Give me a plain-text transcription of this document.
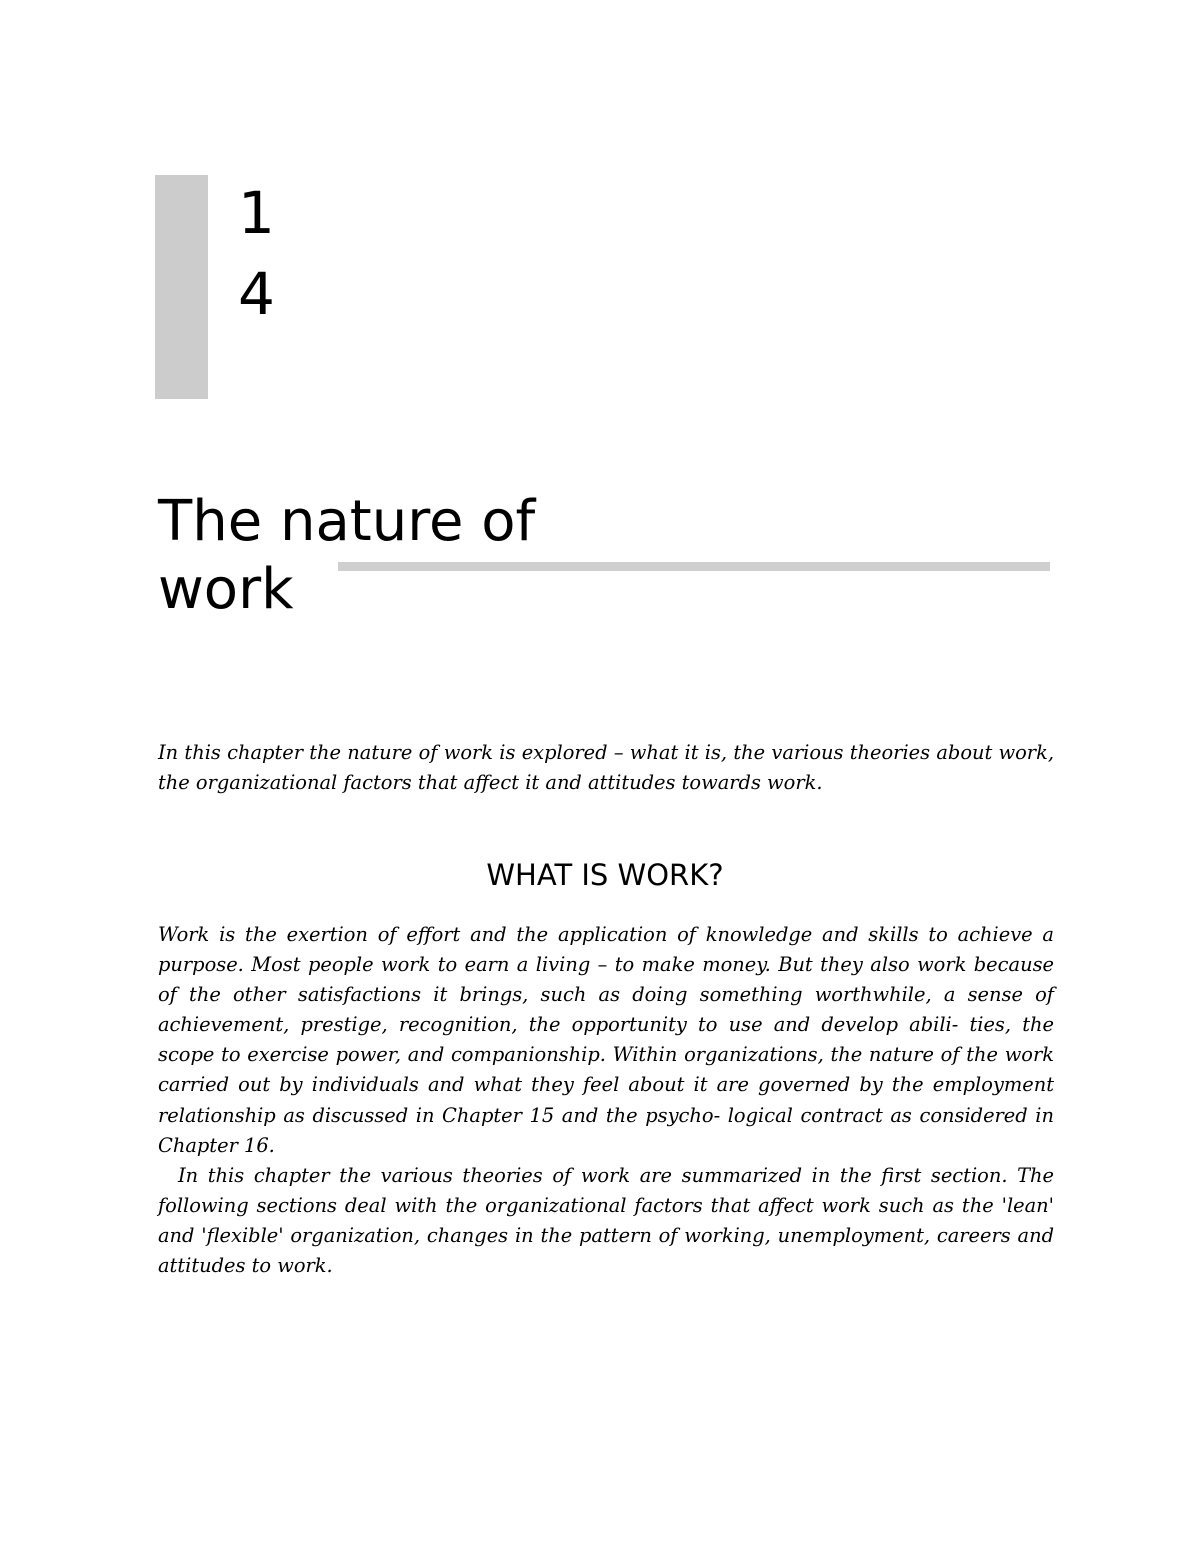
1
4
The nature of work

In this chapter the nature of work is explored – what it is, the various theories about work, the organizational factors that affect it and attitudes towards work.

WHAT IS WORK?

Work is the exertion of effort and the application of knowledge and skills to achieve a purpose. Most people work to earn a living – to make money. But they also work because of the other satisfactions it brings, such as doing something worthwhile, a sense of achievement, prestige, recognition, the opportunity to use and develop abili- ties, the scope to exercise power, and companionship. Within organizations, the nature of the work carried out by individuals and what they feel about it are governed by the employment relationship as discussed in Chapter 15 and the psycho- logical contract as considered in Chapter 16.

In this chapter the various theories of work are summarized in the first section. The following sections deal with the organizational factors that affect work such as the 'lean' and 'flexible' organization, changes in the pattern of working, unemployment, careers and attitudes to work.
